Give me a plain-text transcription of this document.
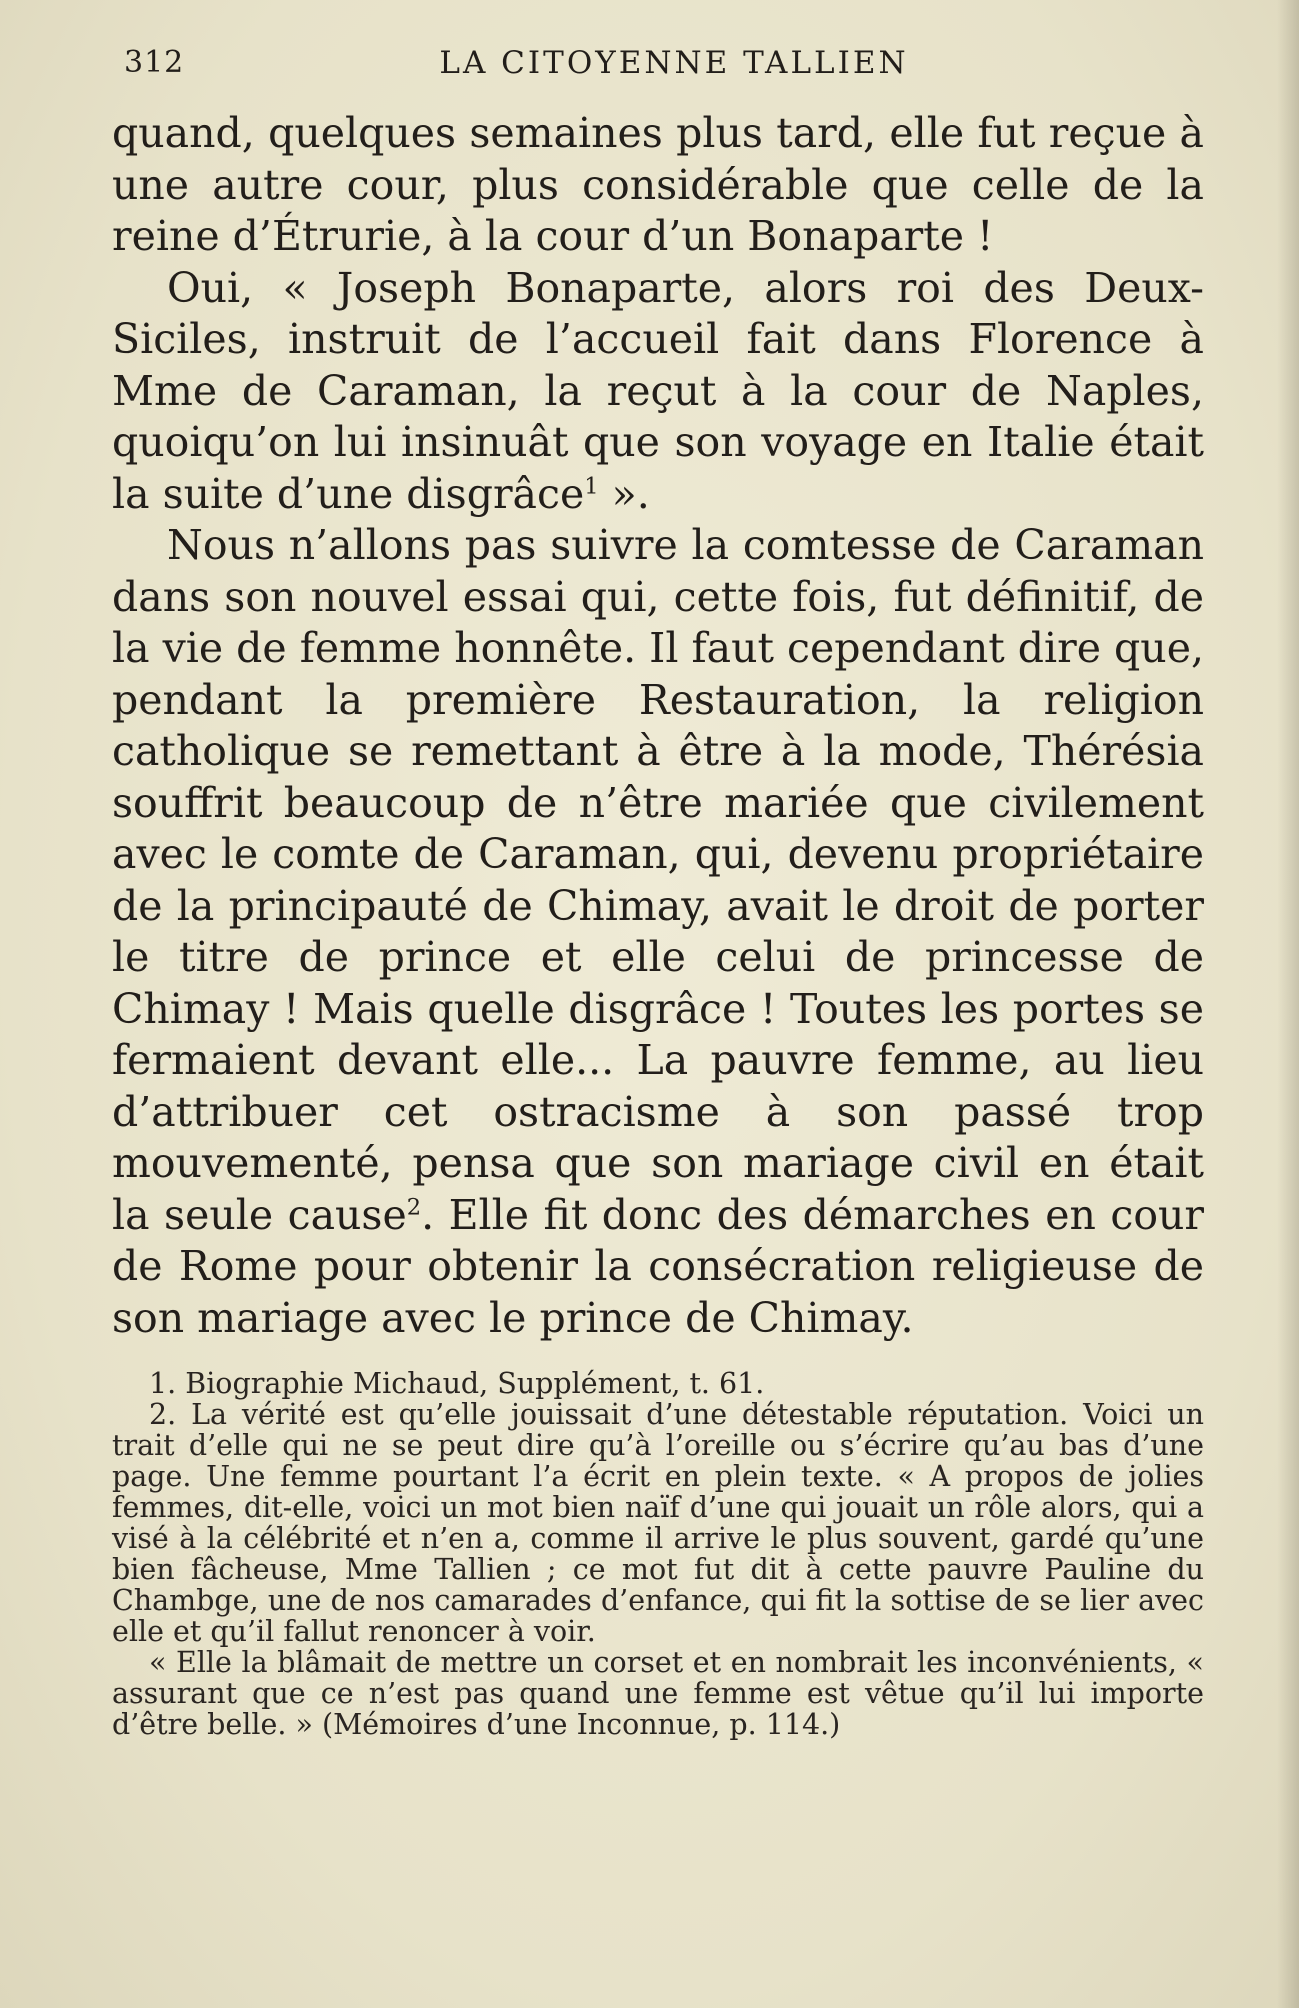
312	LA CITOYENNE TALLIEN

quand, quelques semaines plus tard, elle fut reçue à une autre cour, plus considérable que celle de la reine d’Étrurie, à la cour d’un Bonaparte !

Oui, « Joseph Bonaparte, alors roi des Deux-Siciles, instruit de l’accueil fait dans Florence à Mme de Caraman, la reçut à la cour de Naples, quoiqu’on lui insinuât que son voyage en Italie était la suite d’une disgrâce$^1$ ».

Nous n’allons pas suivre la comtesse de Caraman dans son nouvel essai qui, cette fois, fut définitif, de la vie de femme honnête. Il faut cependant dire que, pendant la première Restauration, la religion catholique se remettant à être à la mode, Thérésia souffrit beaucoup de n’être mariée que civilement avec le comte de Caraman, qui, devenu propriétaire de la principauté de Chimay, avait le droit de porter le titre de prince et elle celui de princesse de Chimay ! Mais quelle disgrâce ! Toutes les portes se fermaient devant elle... La pauvre femme, au lieu d’attribuer cet ostracisme à son passé trop mouvementé, pensa que son mariage civil en était la seule cause$^2$. Elle fit donc des démarches en cour de Rome pour obtenir la consécration religieuse de son mariage avec le prince de Chimay.

1. Biographie Michaud, Supplément, t. 61.

2. La vérité est qu’elle jouissait d’une détestable réputation. Voici un trait d’elle qui ne se peut dire qu’à l’oreille ou s’écrire qu’au bas d’une page. Une femme pourtant l’a écrit en plein texte. « A propos de jolies femmes, dit-elle, voici un mot bien naïf d’une qui jouait un rôle alors, qui a visé à la célébrité et n’en a, comme il arrive le plus souvent, gardé qu’une bien fâcheuse, Mme Tallien ; ce mot fut dit à cette pauvre Pauline du Chambge, une de nos camarades d’enfance, qui fit la sottise de se lier avec elle et qu’il fallut renoncer à voir.

« Elle la blâmait de mettre un corset et en nombrait les inconvénients, « assurant que ce n’est pas quand une femme est vêtue qu’il lui importe d’être belle. » (Mémoires d’une Inconnue, p. 114.)
